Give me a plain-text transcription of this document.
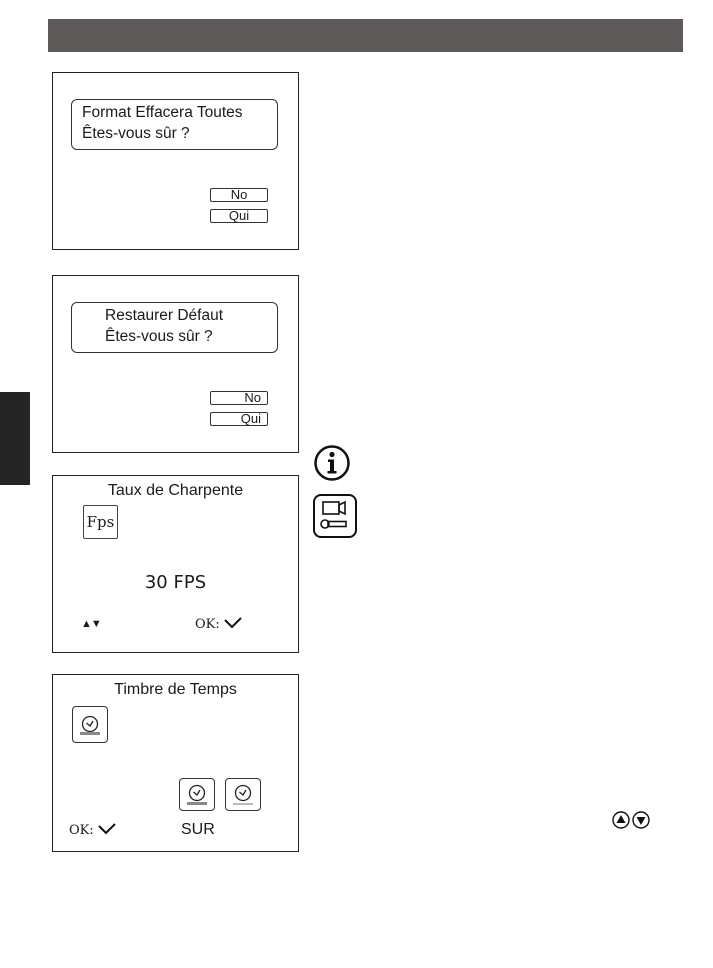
Format Effacera Toutes
Êtes-vous sûr ?
No
Qui
Restaurer Défaut
Êtes-vous sûr ?
No
Qui
Taux de Charpente
Fps
30 FPS
▲▼	OK:
Timbre de Temps
SUR
OK:
